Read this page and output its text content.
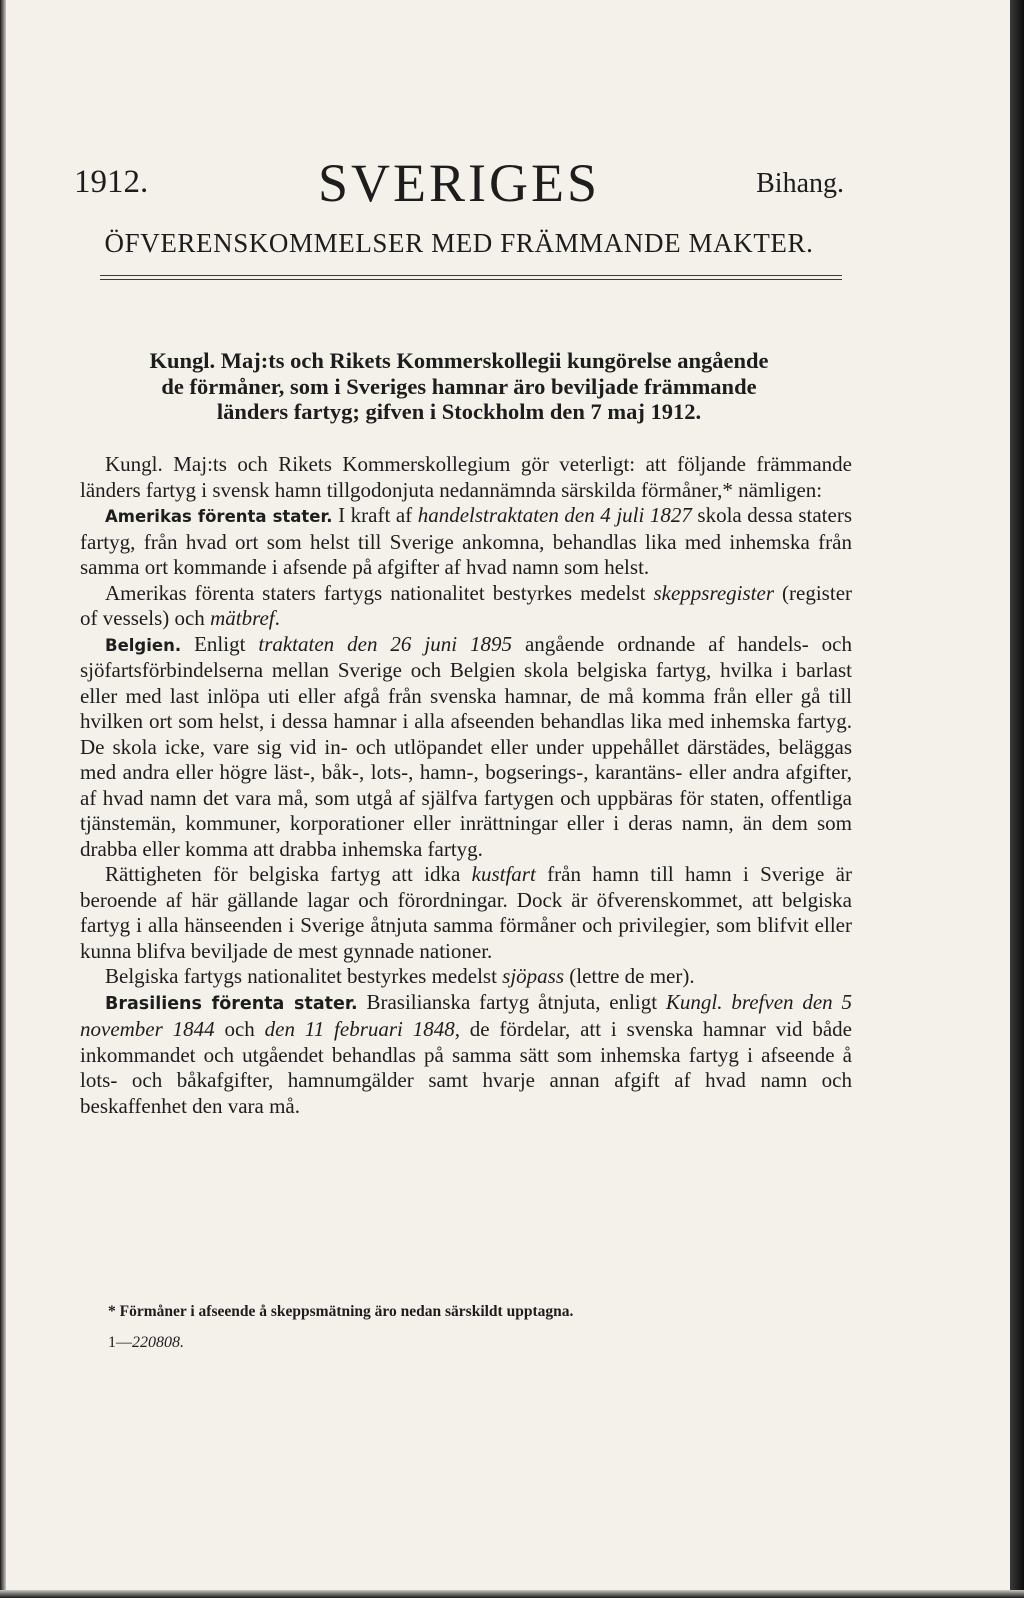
1912.	SVERIGES	Bihang.
ÖFVERENSKOMMELSER MED FRÄMMANDE MAKTER.
Kungl. Maj:ts och Rikets Kommerskollegii kungörelse angående
de förmåner, som i Sveriges hamnar äro beviljade främmande
länders fartyg; gifven i Stockholm den 7 maj 1912.

Kungl. Maj:ts och Rikets Kommerskollegium gör veterligt: att följande främmande länders fartyg i svensk hamn tillgodonjuta nedannämnda särskilda förmåner,* nämligen:

Amerikas förenta stater. I kraft af handelstraktaten den 4 juli 1827 skola dessa staters fartyg, från hvad ort som helst till Sverige ankomna, behandlas lika med inhemska från samma ort kommande i afsende på afgifter af hvad namn som helst.

Amerikas förenta staters fartygs nationalitet bestyrkes medelst skeppsregister (register of vessels) och mätbref.

Belgien. Enligt traktaten den 26 juni 1895 angående ordnande af handels- och sjöfartsförbindelserna mellan Sverige och Belgien skola belgiska fartyg, hvilka i barlast eller med last inlöpa uti eller afgå från svenska hamnar, de må komma från eller gå till hvilken ort som helst, i dessa hamnar i alla afseenden behandlas lika med inhemska fartyg. De skola icke, vare sig vid in- och utlöpandet eller under uppehållet därstädes, beläggas med andra eller högre läst-, båk-, lots-, hamn-, bogserings-, karantäns- eller andra afgifter, af hvad namn det vara må, som utgå af själfva fartygen och uppbäras för staten, offentliga tjänstemän, kommuner, korporationer eller inrättningar eller i deras namn, än dem som drabba eller komma att drabba inhemska fartyg.

Rättigheten för belgiska fartyg att idka kustfart från hamn till hamn i Sverige är beroende af här gällande lagar och förordningar. Dock är öfverenskommet, att belgiska fartyg i alla hänseenden i Sverige åtnjuta samma förmåner och privilegier, som blifvit eller kunna blifva beviljade de mest gynnade nationer.

Belgiska fartygs nationalitet bestyrkes medelst sjöpass (lettre de mer).

Brasiliens förenta stater. Brasilianska fartyg åtnjuta, enligt Kungl. brefven den 5 november 1844 och den 11 februari 1848, de fördelar, att i svenska hamnar vid både inkommandet och utgåendet behandlas på samma sätt som inhemska fartyg i afseende å lots- och båkafgifter, hamnumgälder samt hvarje annan afgift af hvad namn och beskaffenhet den vara må.

* Förmåner i afseende å skeppsmätning äro nedan särskildt upptagna.
1—220808.
